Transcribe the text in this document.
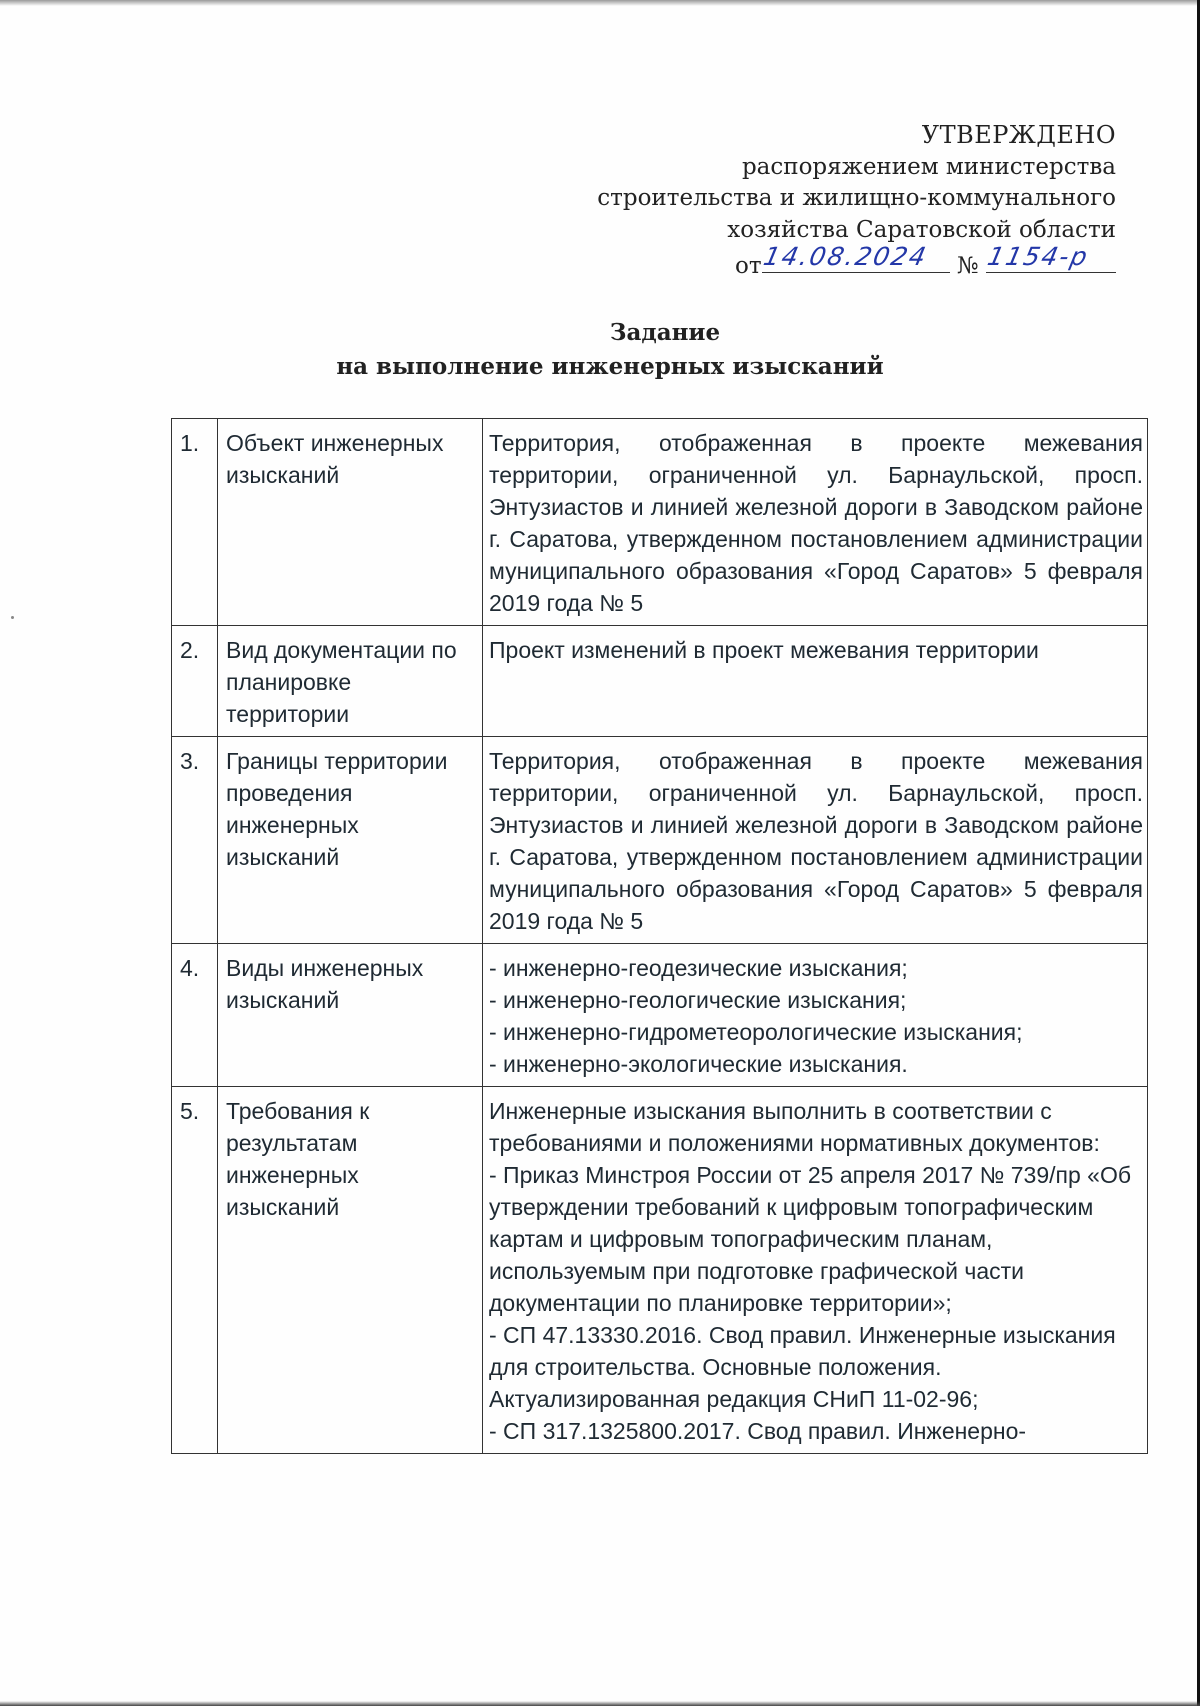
УТВЕРЖДЕНО
распоряжением министерства
строительства и жилищно-коммунального
хозяйства Саратовской области
от 14.08.2024 № 1154-р
Задание
на выполнение инженерных изысканий
1.	Объект инженерных изысканий	Территория, отображенная в проекте межевания территории, ограниченной ул. Барнаульской, просп. Энтузиастов и линией железной дороги в Заводском районе г. Саратова, утвержденном постановлением администрации муниципального образования «Город Саратов» 5 февраля 2019 года № 5
2.	Вид документации по планировке территории	Проект изменений в проект межевания территории
3.	Границы территории проведения инженерных изысканий	Территория, отображенная в проекте межевания территории, ограниченной ул. Барнаульской, просп. Энтузиастов и линией железной дороги в Заводском районе г. Саратова, утвержденном постановлением администрации муниципального образования «Город Саратов» 5 февраля 2019 года № 5
4.	Виды инженерных изысканий	- инженерно-геодезические изыскания;
- инженерно-геологические изыскания;
- инженерно-гидрометеорологические изыскания;
- инженерно-экологические изыскания.

5.	Требования к результатам инженерных изысканий	Инженерные изыскания выполнить в соответствии с требованиями и положениями нормативных документов:
- Приказ Минстроя России от 25 апреля 2017 № 739/пр «Об утверждении требований к цифровым топографическим картам и цифровым топографическим планам, используемым при подготовке графической части документации по планировке территории»;
- СП 47.13330.2016. Свод правил. Инженерные изыскания для строительства. Основные положения. Актуализированная редакция СНиП 11-02-96;
- СП 317.1325800.2017. Свод правил. Инженерно-
